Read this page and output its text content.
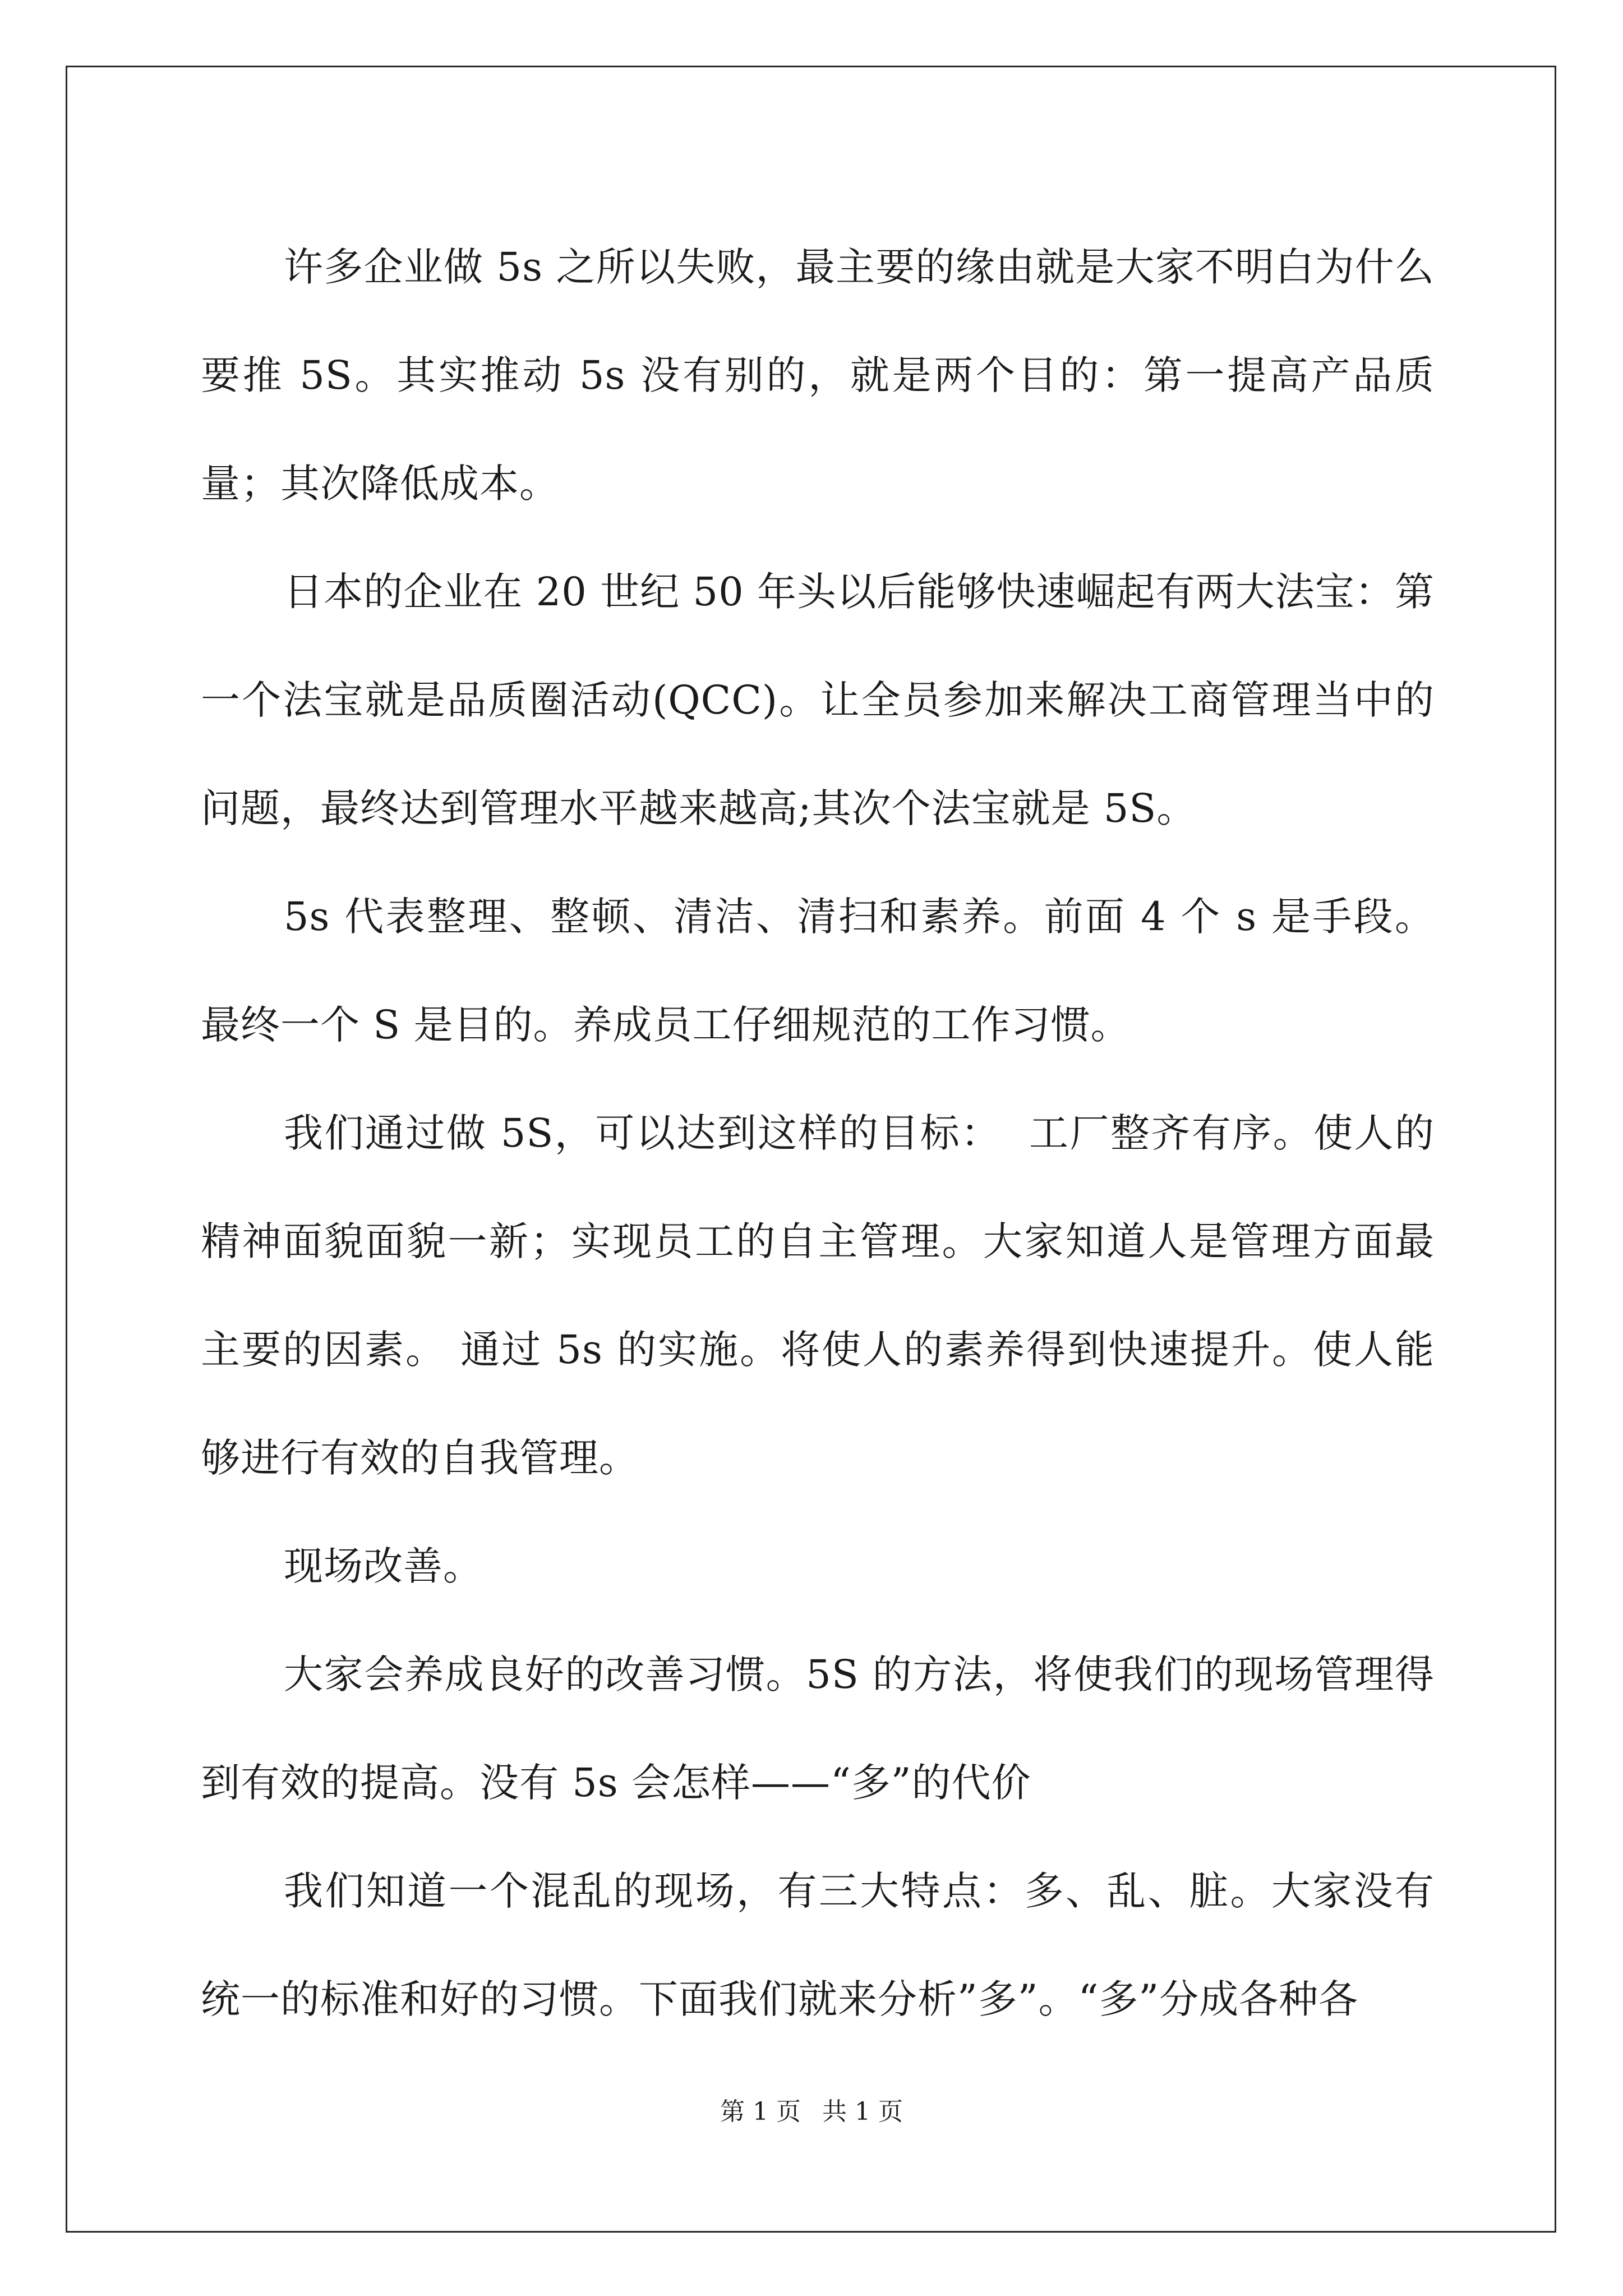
许多企业做 5s 之所以失败，最主要的缘由就是大家不明白为什么要推 5S。其实推动 5s 没有别的，就是两个目的：第一提高产品质量；其次降低成本。

日本的企业在 20 世纪 50 年头以后能够快速崛起有两大法宝：第一个法宝就是品质圈活动(QCC)。让全员参加来解决工商管理当中的问题，最终达到管理水平越来越高;其次个法宝就是 5S。

5s 代表整理、整顿、清洁、清扫和素养。前面 4 个 s 是手段。最终一个 S 是目的。养成员工仔细规范的工作习惯。

我们通过做 5S，可以达到这样的目标：  工厂整齐有序。使人的精神面貌面貌一新；实现员工的自主管理。大家知道人是管理方面最主要的因素。 通过 5s 的实施。将使人的素养得到快速提升。使人能够进行有效的自我管理。

现场改善。

大家会养成良好的改善习惯。5S 的方法，将使我们的现场管理得到有效的提高。没有 5s 会怎样——“多”的代价

我们知道一个混乱的现场，有三大特点：多、乱、脏。大家没有统一的标准和好的习惯。下面我们就来分析”多”。“多”分成各种各

第 1 页 共 1 页
